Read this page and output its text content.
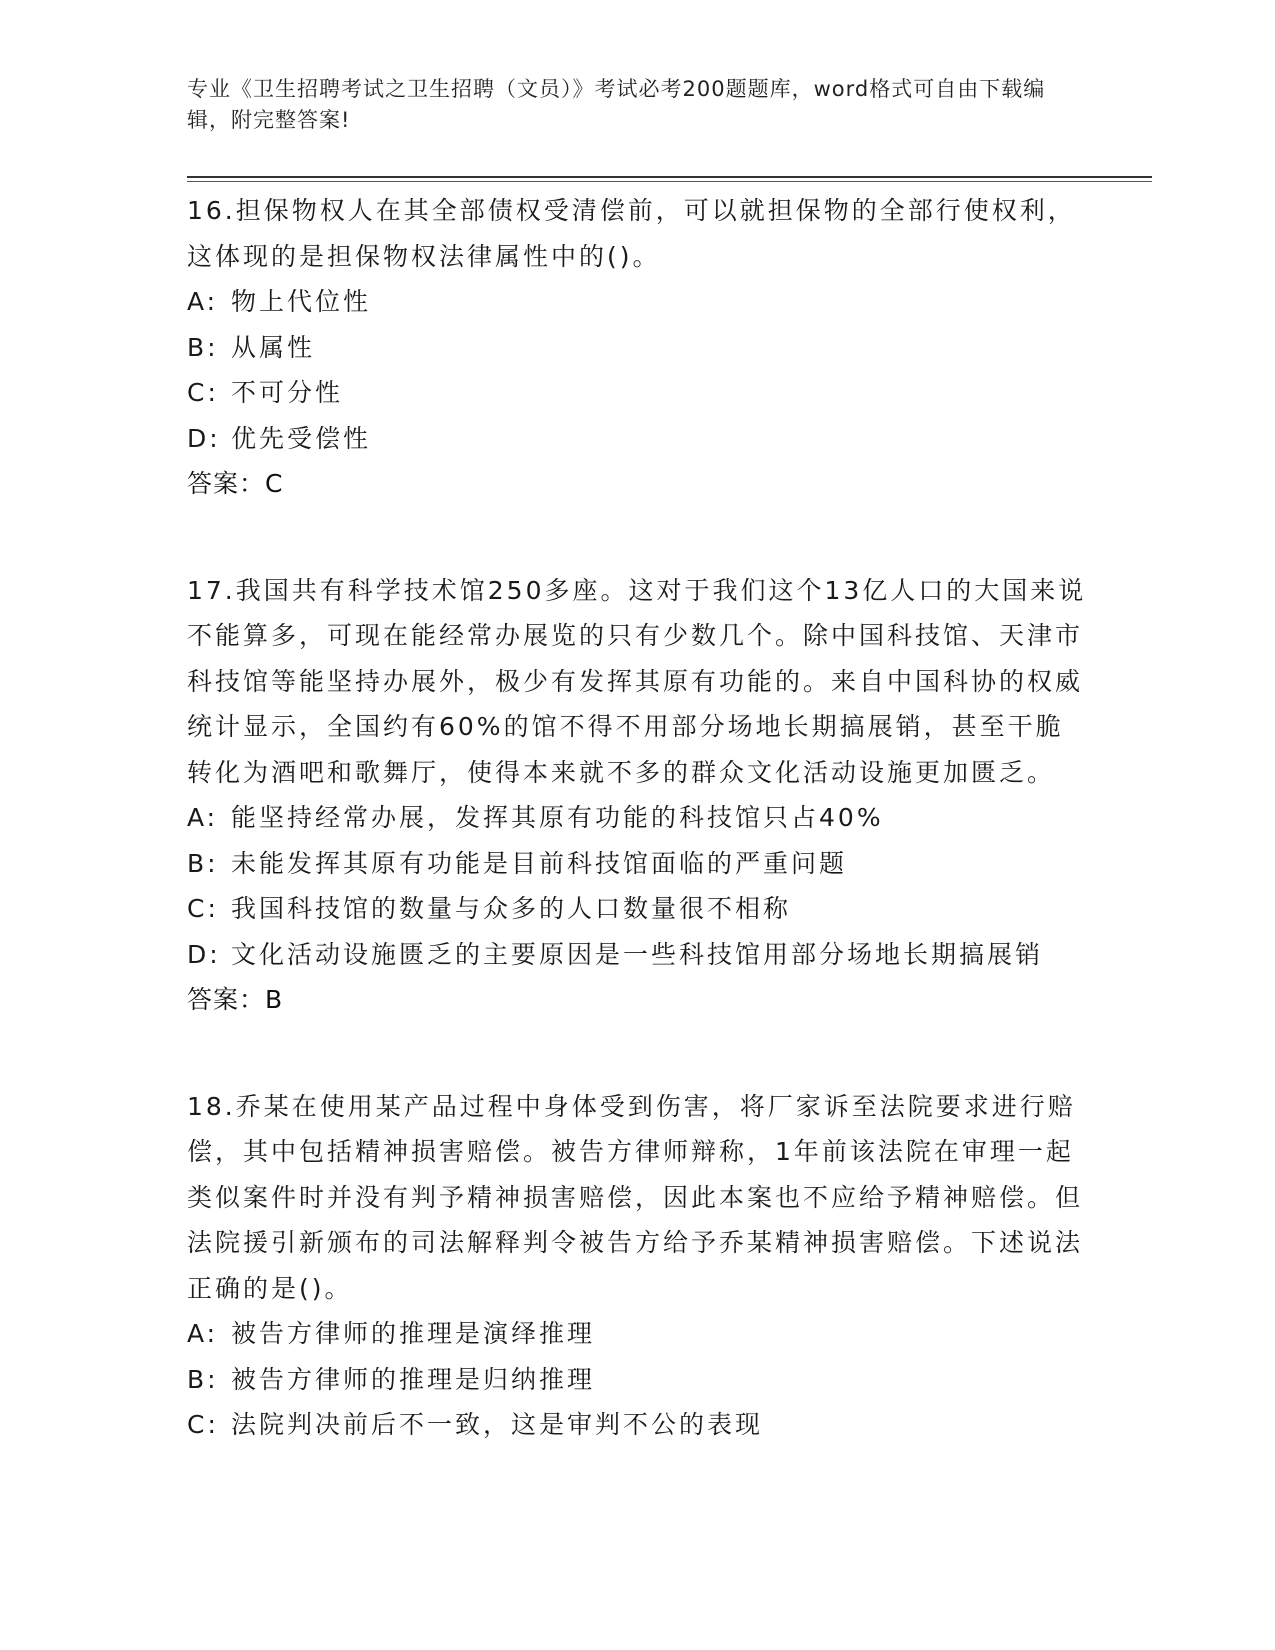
专业《卫生招聘考试之卫生招聘（文员）》考试必考200题题库，word格式可自由下载编辑，附完整答案!
16.担保物权人在其全部债权受清偿前，可以就担保物的全部行使权利，这体现的是担保物权法律属性中的()。
A: 物上代位性
B: 从属性
C: 不可分性
D: 优先受偿性
答案：C
17.我国共有科学技术馆250多座。这对于我们这个13亿人口的大国来说不能算多，可现在能经常办展览的只有少数几个。除中国科技馆、天津市科技馆等能坚持办展外，极少有发挥其原有功能的。来自中国科协的权威统计显示，全国约有60%的馆不得不用部分场地长期搞展销，甚至干脆转化为酒吧和歌舞厅，使得本来就不多的群众文化活动设施更加匮乏。
A: 能坚持经常办展，发挥其原有功能的科技馆只占40%
B: 未能发挥其原有功能是目前科技馆面临的严重问题
C: 我国科技馆的数量与众多的人口数量很不相称
D: 文化活动设施匮乏的主要原因是一些科技馆用部分场地长期搞展销
答案：B
18.乔某在使用某产品过程中身体受到伤害，将厂家诉至法院要求进行赔偿，其中包括精神损害赔偿。被告方律师辩称，1年前该法院在审理一起类似案件时并没有判予精神损害赔偿，因此本案也不应给予精神赔偿。但法院援引新颁布的司法解释判令被告方给予乔某精神损害赔偿。下述说法正确的是()。
A: 被告方律师的推理是演绎推理
B: 被告方律师的推理是归纳推理
C: 法院判决前后不一致，这是审判不公的表现
